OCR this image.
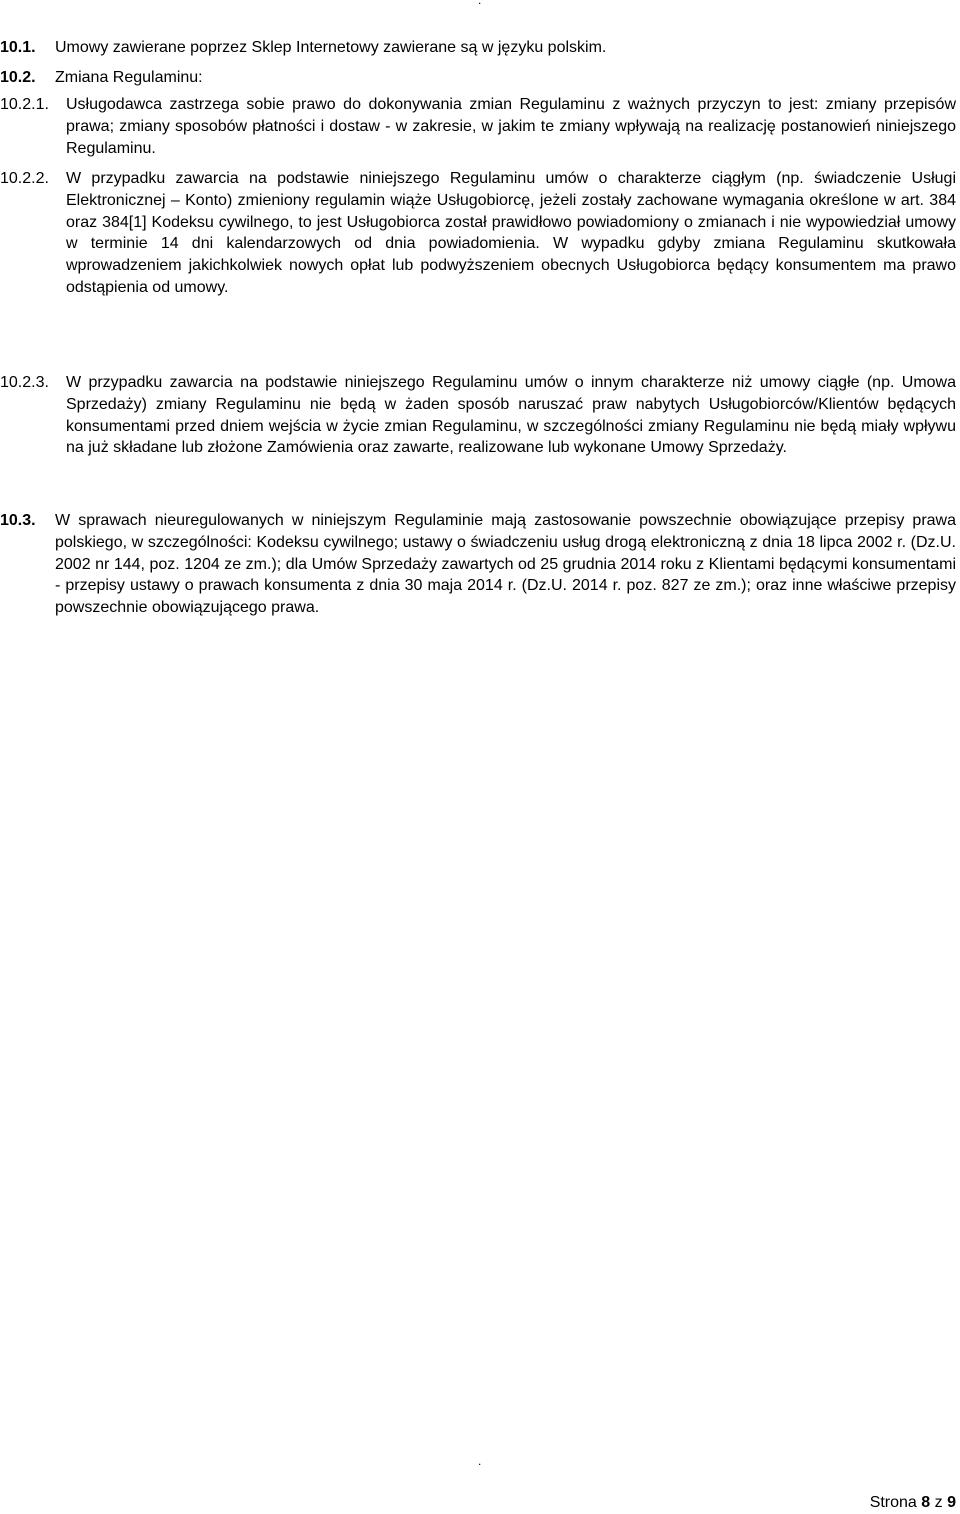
.
10.1. Umowy zawierane poprzez Sklep Internetowy zawierane są w języku polskim.
10.2. Zmiana Regulaminu:
10.2.1. Usługodawca zastrzega sobie prawo do dokonywania zmian Regulaminu z ważnych przyczyn to jest: zmiany przepisów prawa; zmiany sposobów płatności i dostaw - w zakresie, w jakim te zmiany wpływają na realizację postanowień niniejszego Regulaminu.
10.2.2. W przypadku zawarcia na podstawie niniejszego Regulaminu umów o charakterze ciągłym (np. świadczenie Usługi Elektronicznej – Konto) zmieniony regulamin wiąże Usługobiorcę, jeżeli zostały zachowane wymagania określone w art. 384 oraz 384[1] Kodeksu cywilnego, to jest Usługobiorca został prawidłowo powiadomiony o zmianach i nie wypowiedział umowy w terminie 14 dni kalendarzowych od dnia powiadomienia. W wypadku gdyby zmiana Regulaminu skutkowała wprowadzeniem jakichkolwiek nowych opłat lub podwyższeniem obecnych Usługobiorca będący konsumentem ma prawo odstąpienia od umowy.
10.2.3. W przypadku zawarcia na podstawie niniejszego Regulaminu umów o innym charakterze niż umowy ciągłe (np. Umowa Sprzedaży) zmiany Regulaminu nie będą w żaden sposób naruszać praw nabytych Usługobiorców/Klientów będących konsumentami przed dniem wejścia w życie zmian Regulaminu, w szczególności zmiany Regulaminu nie będą miały wpływu na już składane lub złożone Zamówienia oraz zawarte, realizowane lub wykonane Umowy Sprzedaży.
10.3. W sprawach nieuregulowanych w niniejszym Regulaminie mają zastosowanie powszechnie obowiązujące przepisy prawa polskiego, w szczególności: Kodeksu cywilnego; ustawy o świadczeniu usług drogą elektroniczną z dnia 18 lipca 2002 r. (Dz.U. 2002 nr 144, poz. 1204 ze zm.); dla Umów Sprzedaży zawartych od 25 grudnia 2014 roku z Klientami będącymi konsumentami - przepisy ustawy o prawach konsumenta z dnia 30 maja 2014 r. (Dz.U. 2014 r. poz. 827 ze zm.); oraz inne właściwe przepisy powszechnie obowiązującego prawa.
.
Strona 8 z 9
